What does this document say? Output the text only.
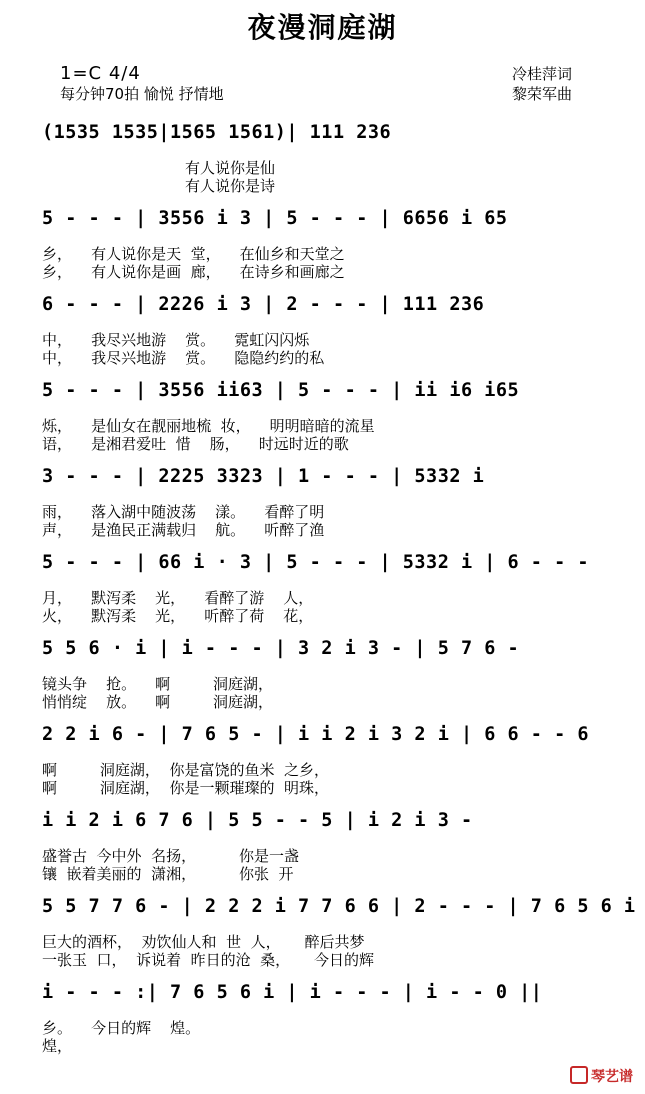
夜漫洞庭湖
1=C 4/4
每分钟70拍 愉悦 抒情地
冷桂萍词
黎荣军曲
(1535 1535|1565 1561)| 111 236
有人说你是仙
有人说你是诗
5 - - - | 3556 i 3 | 5 - - - | 6656 i 65
乡，    有人说你是天  堂，    在仙乡和天堂之
乡，    有人说你是画  廊，    在诗乡和画廊之
6 - - - | 2226 i 3 | 2 - - - | 111 236
中，    我尽兴地游    赏。    霓虹闪闪烁
中，    我尽兴地游    赏。    隐隐约约的私
5 - - - | 3556 ii63 | 5 - - - | ii i6 i65
烁，    是仙女在靓丽地梳  妆，    明明暗暗的流星
语，    是湘君爱吐  惜    肠，    时远时近的歌
3 - - - | 2225 3323 | 1 - - - | 5332 i
雨，    落入湖中随波荡    漾。    看醉了明
声，    是渔民正满载归    航。    听醉了渔
5 - - - | 66 i · 3 | 5 - - - | 5332 i | 6 - - -
月，    默泻柔    光，    看醉了游    人，
火，    默泻柔    光，    听醉了荷    花，
5 5 6 · i | i - - - | 3 2 i 3 - | 5 7 6 -
镜头争    抢。    啊         洞庭湖，
悄悄绽    放。    啊         洞庭湖，
2 2 i 6 - | 7 6 5 - | i i 2 i 3 2 i | 6 6 - - 6
啊         洞庭湖，  你是富饶的鱼米  之乡，
啊         洞庭湖，  你是一颗璀璨的  明珠，
i i 2 i 6 7 6 | 5 5 - - 5 | i 2 i 3 -
盛誉古  今中外  名扬，         你是一盏
镶  嵌着美丽的  潇湘，         你张  开
5 5 7 7 6 - | 2 2 2 i 7 7 6 6 | 2 - - - | 7 6 5 6 i
巨大的酒杯，  劝饮仙人和  世  人，     醉后共梦
一张玉  口，  诉说着  昨日的沧  桑，     今日的辉
i - - - :| 7 6 5 6 i | i - - - | i - - 0 ||
乡。    今日的辉    煌。
煌，
琴艺谱
